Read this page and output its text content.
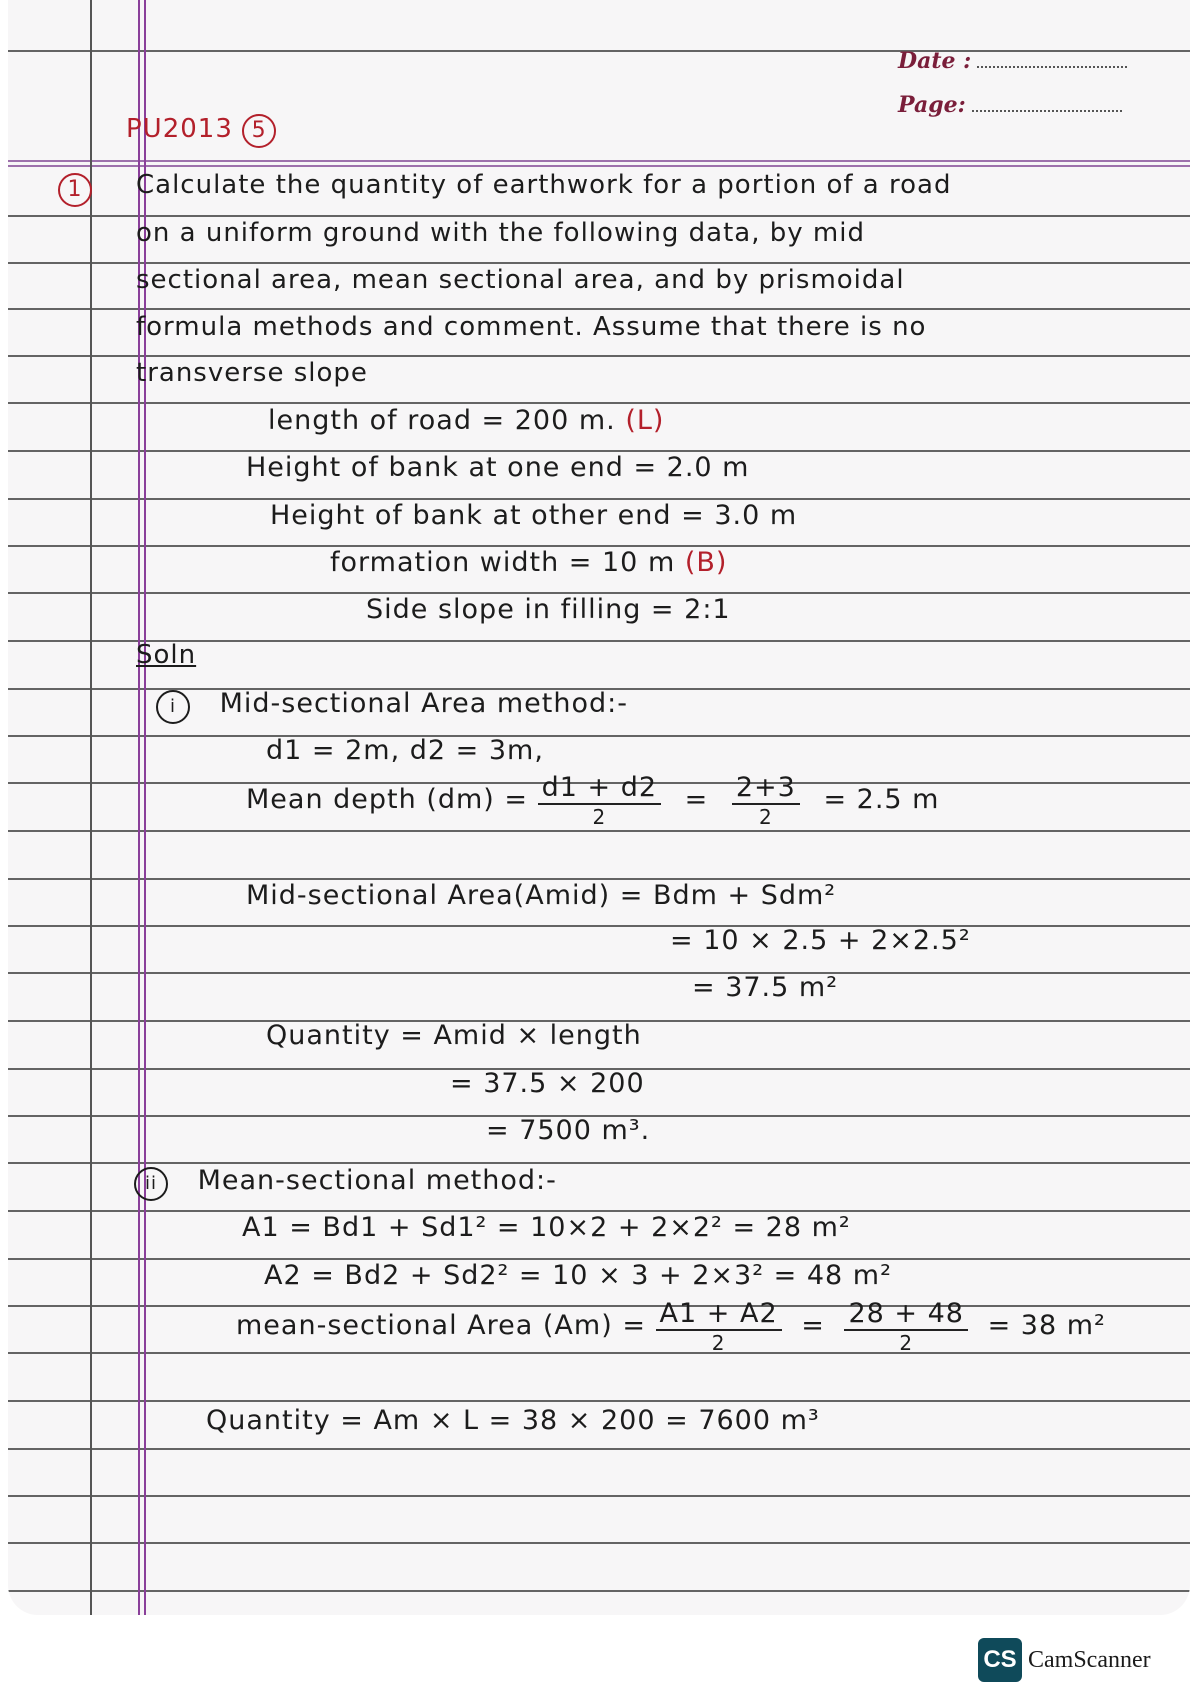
Date :
Page:
PU2013 5
1	Calculate the quantity of earthwork for a portion of a road
on a uniform ground with the following data, by mid
sectional area, mean sectional area, and by prismoidal
formula methods and comment. Assume that there is no
transverse slope
length of road = 200 m. (L)
Height of bank at one end = 2.0 m
Height of bank at other end = 3.0 m
formation width = 10 m (B)
Side slope in filling = 2:1
Soln
i Mid-sectional Area method:-
d1 = 2m, d2 = 3m,
Mean depth $(dm) = \frac{d1 + d2}{2} = \frac{2+3}{2} = 2.5$ m
Mid-sectional Area(Amid) = Bdm + Sdm²
= 10 × 2.5 + 2×2.5²
= 37.5 m²
Quantity = Amid × length
= 37.5 × 200
= 7500 m³.
ii Mean-sectional method:-
A1 = Bd1 + Sd1² = 10×2 + 2×2² = 28 m²
A2 = Bd2 + Sd2² = 10 × 3 + 2×3² = 48 m²
mean-sectional Area $(Am) = \frac{A1 + A2}{2} = \frac{28 + 48}{2} = 38$ m²
Quantity = Am × L = 38 × 200 = 7600 m³
CS CamScanner
